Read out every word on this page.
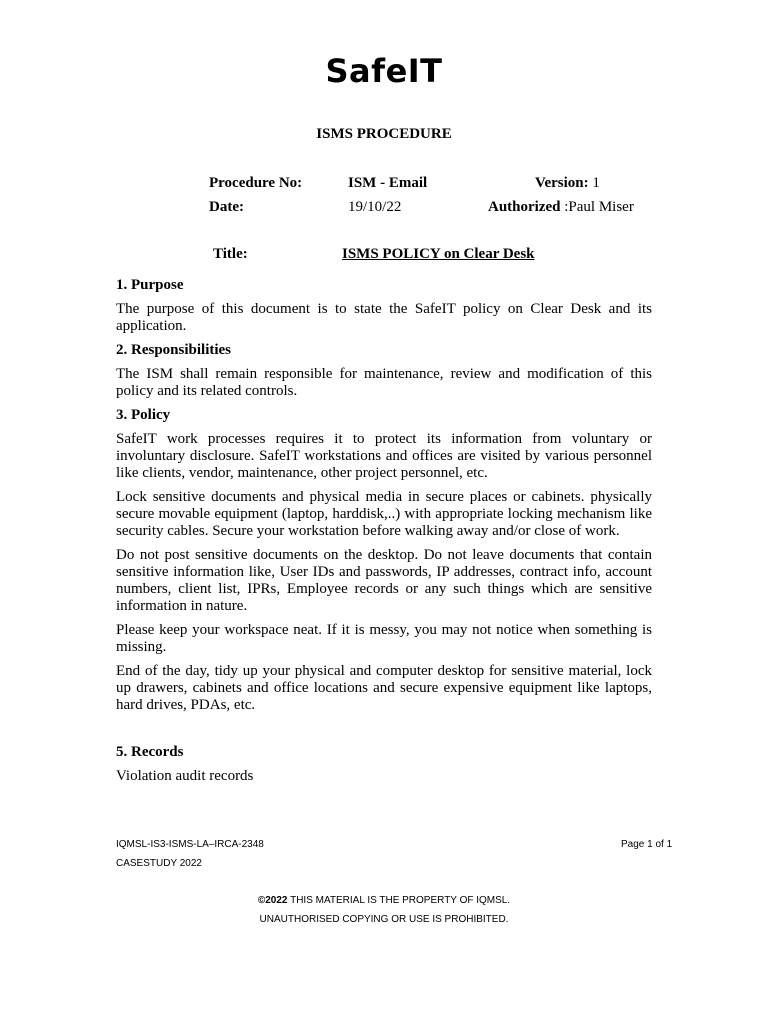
SafeIT
ISMS PROCEDURE
Procedure No:	ISM - Email	Version: 1
Date:	19/10/22	Authorized :Paul Miser
Title:	ISMS POLICY on Clear Desk
1. Purpose

The purpose of this document is to state the SafeIT policy on Clear Desk and its application.

2. Responsibilities

The ISM shall remain responsible for maintenance, review and modification of this policy and its related controls.

3. Policy

SafeIT work processes requires it to protect its information from voluntary or involuntary disclosure. SafeIT workstations and offices are visited by various personnel like clients, vendor, maintenance, other project personnel, etc.

Lock sensitive documents and physical media in secure places or cabinets. physically secure movable equipment (laptop, harddisk,..) with appropriate locking mechanism like security cables. Secure your workstation before walking away and/or close of work.

Do not post sensitive documents on the desktop. Do not leave documents that contain sensitive information like, User IDs and passwords, IP addresses, contract info, account numbers, client list, IPRs, Employee records or any such things which are sensitive information in nature.

Please keep your workspace neat. If it is messy, you may not notice when something is missing.

End of the day, tidy up your physical and computer desktop for sensitive material, lock up drawers, cabinets and office locations and secure expensive equipment like laptops, hard drives, PDAs, etc.

5. Records

Violation audit records

IQMSL-IS3-ISMS-LA–IRCA-2348	Page 1 of 1
CASESTUDY 2022
©2022 THIS MATERIAL IS THE PROPERTY OF IQMSL.
UNAUTHORISED COPYING OR USE IS PROHIBITED.
